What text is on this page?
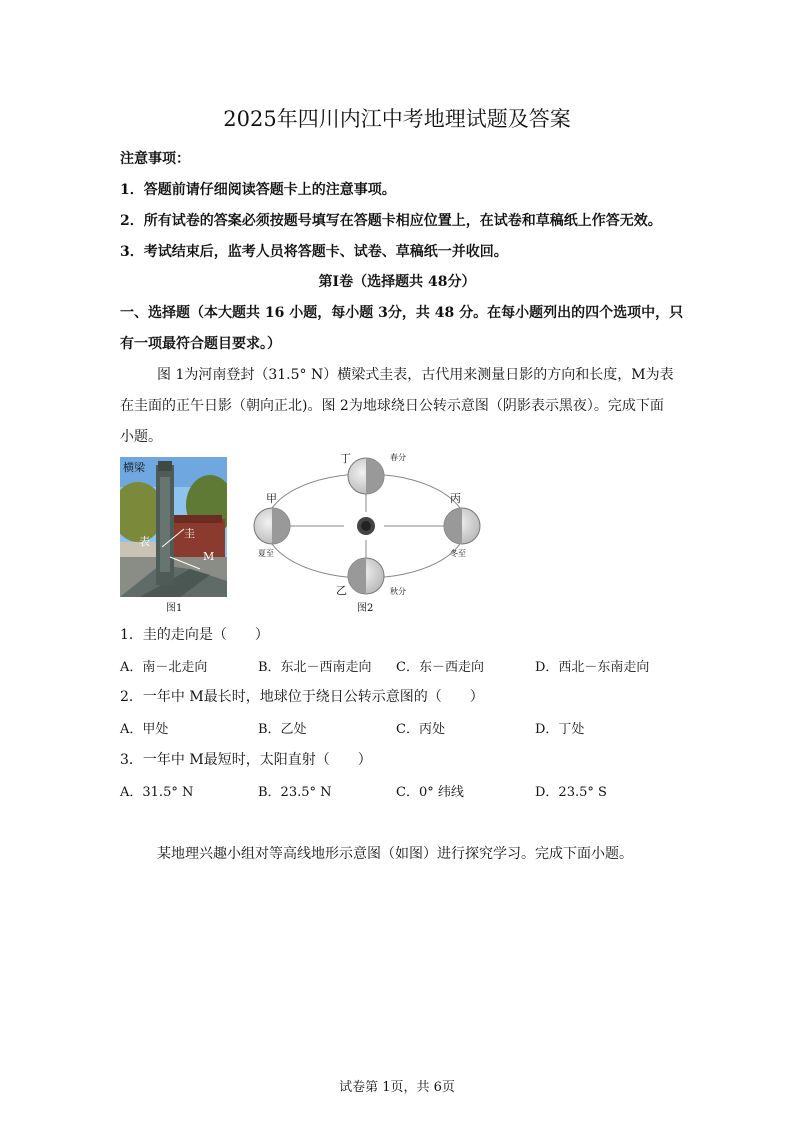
2025年四川内江中考地理试题及答案
注意事项：
1．答题前请仔细阅读答题卡上的注意事项。
2．所有试卷的答案必须按题号填写在答题卡相应位置上，在试卷和草稿纸上作答无效。
3．考试结束后，监考人员将答题卡、试卷、草稿纸一并收回。
第Ⅰ卷（选择题共 48分）
一、选择题（本大题共 16 小题，每小题 3分，共 48 分。在每小题列出的四个选项中，只
有一项最符合题目要求。）
图 1为河南登封（31.5° N）横梁式圭表，古代用来测量日影的方向和长度，M为表
在圭面的正午日影（朝向正北)。图 2为地球绕日公转示意图（阴影表示黑夜）。完成下面
小题。
横梁
表
圭
M
图1
丁	春分
甲
夏至
丙
冬至
乙	秋分
图2
1．圭的走向是（　　）
A．南－北走向	B．东北－西南走向 C．东－西走向	D．西北－东南走向
2．一年中 M最长时，地球位于绕日公转示意图的（　　）
A．甲处	B．乙处	C．丙处	D．丁处
3．一年中 M最短时，太阳直射（　　）
A．31.5° N	B．23.5° N	C．0° 纬线	D．23.5° S
某地理兴趣小组对等高线地形示意图（如图）进行探究学习。完成下面小题。
试卷第 1页，共 6页
